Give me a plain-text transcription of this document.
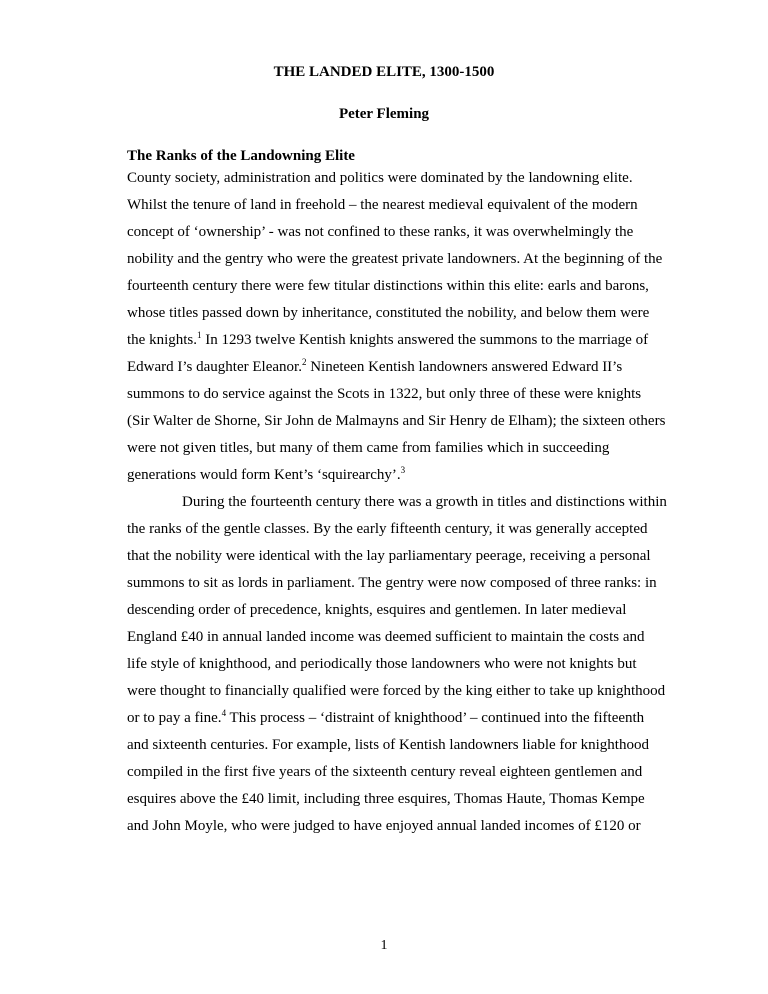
THE LANDED ELITE, 1300-1500
Peter Fleming
The Ranks of the Landowning Elite
County society, administration and politics were dominated by the landowning elite.
Whilst the tenure of land in freehold – the nearest medieval equivalent of the modern
concept of ‘ownership’ - was not confined to these ranks, it was overwhelmingly the
nobility and the gentry who were the greatest private landowners. At the beginning of the
fourteenth century there were few titular distinctions within this elite: earls and barons,
whose titles passed down by inheritance, constituted the nobility, and below them were
the knights.$^1$ In 1293 twelve Kentish knights answered the summons to the marriage of
Edward I’s daughter Eleanor.$^2$ Nineteen Kentish landowners answered Edward II’s
summons to do service against the Scots in 1322, but only three of these were knights
(Sir Walter de Shorne, Sir John de Malmayns and Sir Henry de Elham); the sixteen others
were not given titles, but many of them came from families which in succeeding
generations would form Kent’s ‘squirearchy’.$^3$
During the fourteenth century there was a growth in titles and distinctions within
the ranks of the gentle classes. By the early fifteenth century, it was generally accepted
that the nobility were identical with the lay parliamentary peerage, receiving a personal
summons to sit as lords in parliament. The gentry were now composed of three ranks: in
descending order of precedence, knights, esquires and gentlemen. In later medieval
England £40 in annual landed income was deemed sufficient to maintain the costs and
life style of knighthood, and periodically those landowners who were not knights but
were thought to financially qualified were forced by the king either to take up knighthood
or to pay a fine.$^4$ This process – ‘distraint of knighthood’ – continued into the fifteenth
and sixteenth centuries. For example, lists of Kentish landowners liable for knighthood
compiled in the first five years of the sixteenth century reveal eighteen gentlemen and
esquires above the £40 limit, including three esquires, Thomas Haute, Thomas Kempe
and John Moyle, who were judged to have enjoyed annual landed incomes of £120 or
1
